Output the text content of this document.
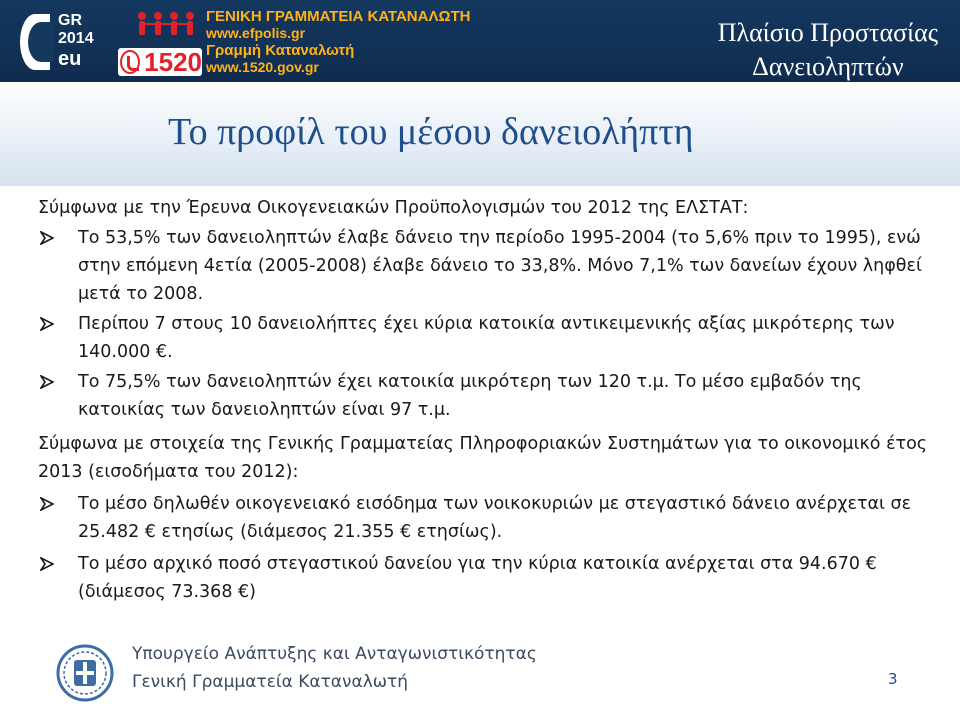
GR
2014
eu 1520
ΓΕΝΙΚΗ ΓΡΑΜΜΑΤΕΙΑ ΚΑΤΑΝΑΛΩΤΗ
www.efpolis.gr
Γραμμή Καταναλωτή
www.1520.gov.gr
Πλαίσιο Προστασίας
Δανειοληπτών
Το προφίλ του μέσου δανειολήπτη

Σύμφωνα με την Έρευνα Οικογενειακών Προϋπολογισμών του 2012 της ΕΛΣΤΑΤ:

Το 53,5% των δανειοληπτών έλαβε δάνειο την περίοδο 1995-2004 (το 5,6% πριν το 1995), ενώ στην επόμενη 4ετία (2005-2008) έλαβε δάνειο το 33,8%. Μόνο 7,1% των δανείων έχουν ληφθεί μετά το 2008.
Περίπου 7 στους 10 δανειολήπτες έχει κύρια κατοικία αντικειμενικής αξίας μικρότερης των 140.000 €.
Το 75,5% των δανειοληπτών έχει κατοικία μικρότερη των 120 τ.μ. Το μέσο εμβαδόν της κατοικίας των δανειοληπτών είναι 97 τ.μ.

Σύμφωνα με στοιχεία της Γενικής Γραμματείας Πληροφοριακών Συστημάτων για το οικονομικό έτος 2013 (εισοδήματα του 2012):

Το μέσο δηλωθέν οικογενειακό εισόδημα των νοικοκυριών με στεγαστικό δάνειο ανέρχεται σε 25.482 € ετησίως (διάμεσος 21.355 € ετησίως).
Το μέσο αρχικό ποσό στεγαστικού δανείου για την κύρια κατοικία ανέρχεται στα 94.670 € (διάμεσος 73.368 €)
Υπουργείο Ανάπτυξης και Ανταγωνιστικότητας
Γενική Γραμματεία Καταναλωτή	3
